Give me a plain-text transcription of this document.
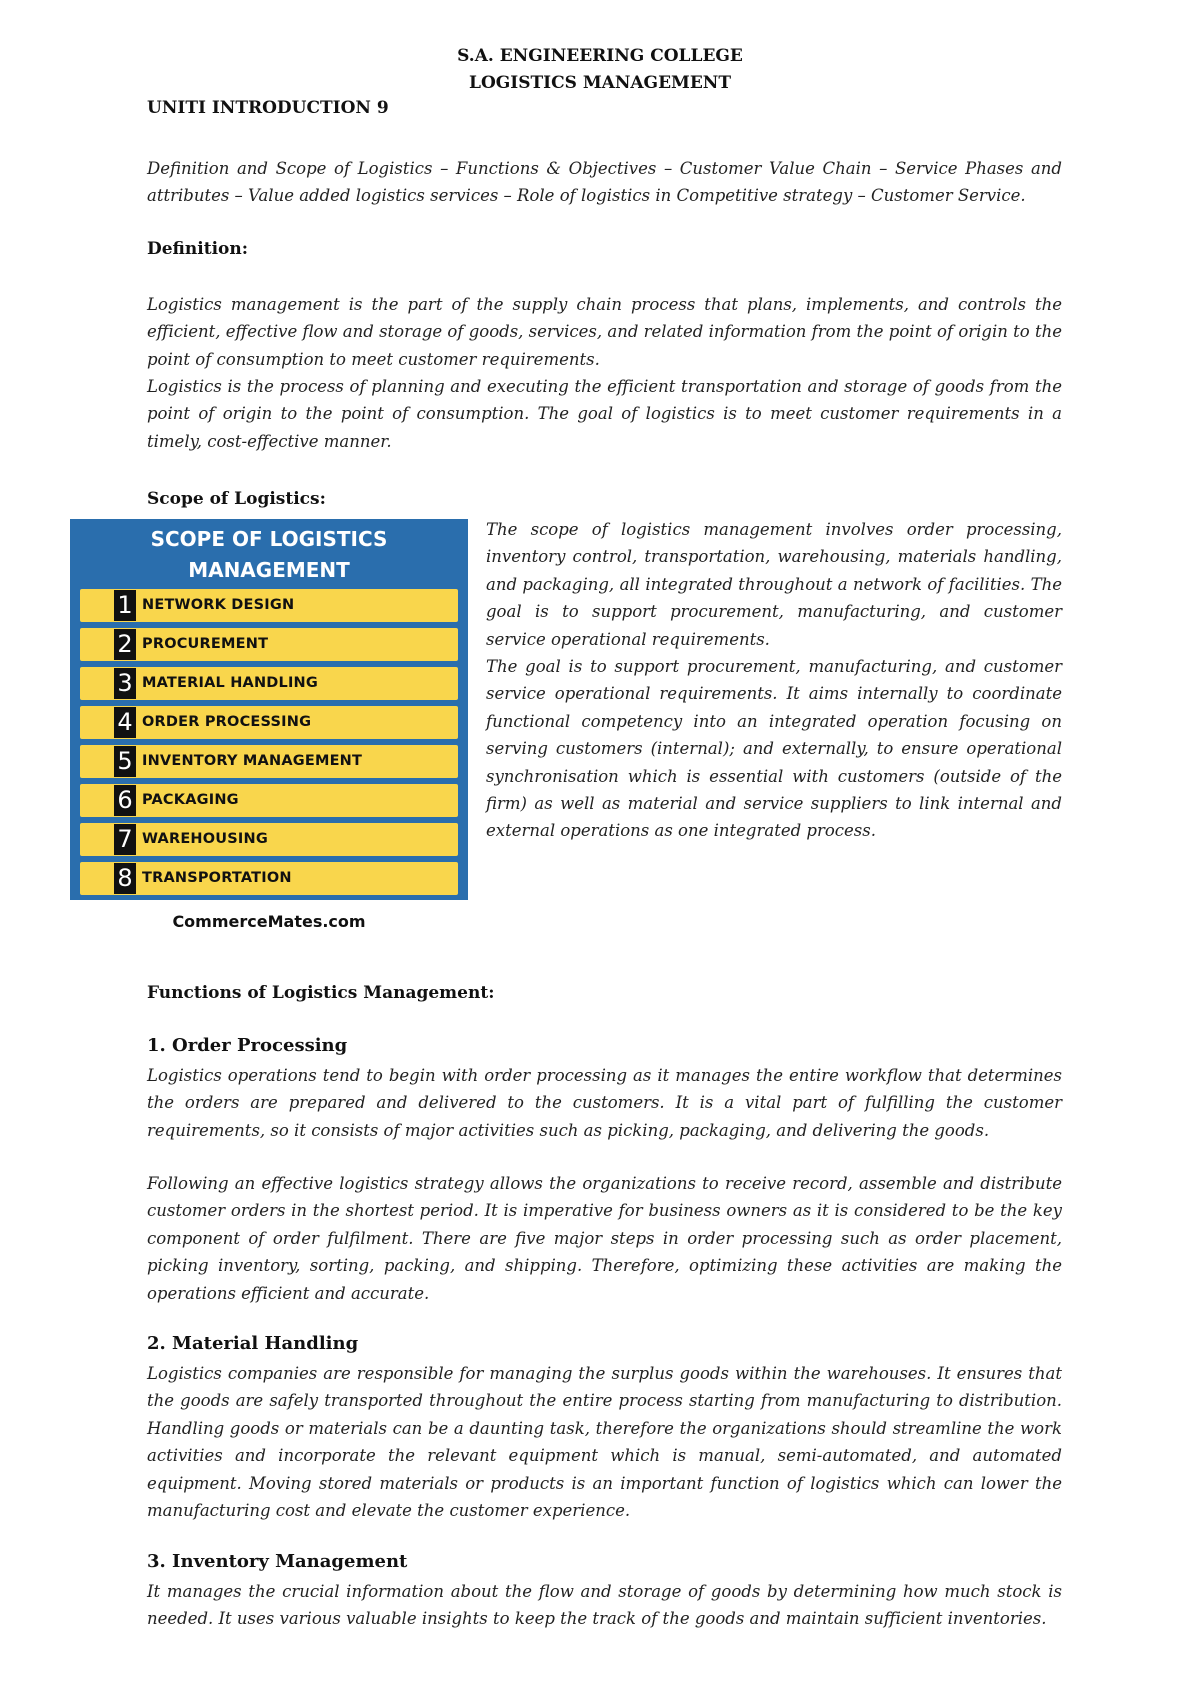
S.A. ENGINEERING COLLEGE
LOGISTICS MANAGEMENT
UNITI INTRODUCTION 9
Definition and Scope of Logistics – Functions & Objectives – Customer Value Chain – Service Phases and attributes – Value added logistics services – Role of logistics in Competitive strategy – Customer Service.
Definition:
Logistics management is the part of the supply chain process that plans, implements, and controls the efficient, effective flow and storage of goods, services, and related information from the point of origin to the point of consumption to meet customer requirements.
Logistics is the process of planning and executing the efficient transportation and storage of goods from the point of origin to the point of consumption. The goal of logistics is to meet customer requirements in a timely, cost-effective manner.
Scope of Logistics:
SCOPE OF LOGISTICS
MANAGEMENT
1 NETWORK DESIGN
2 PROCUREMENT
3 MATERIAL HANDLING
4 ORDER PROCESSING
5 INVENTORY MANAGEMENT
6 PACKAGING
7 WAREHOUSING
8 TRANSPORTATION
CommerceMates.com
The scope of logistics management involves order processing, inventory control, transportation, warehousing, materials handling, and packaging, all integrated throughout a network of facilities. The goal is to support procurement, manufacturing, and customer service operational requirements.
The goal is to support procurement, manufacturing, and customer service operational requirements. It aims internally to coordinate functional competency into an integrated operation focusing on serving customers (internal); and externally, to ensure operational synchronisation which is essential with customers (outside of the firm) as well as material and service suppliers to link internal and external operations as one integrated process.
Functions of Logistics Management:
1. Order Processing
Logistics operations tend to begin with order processing as it manages the entire workflow that determines the orders are prepared and delivered to the customers. It is a vital part of fulfilling the customer requirements, so it consists of major activities such as picking, packaging, and delivering the goods.
Following an effective logistics strategy allows the organizations to receive record, assemble and distribute customer orders in the shortest period. It is imperative for business owners as it is considered to be the key component of order fulfilment. There are five major steps in order processing such as order placement, picking inventory, sorting, packing, and shipping. Therefore, optimizing these activities are making the operations efficient and accurate.
2. Material Handling
Logistics companies are responsible for managing the surplus goods within the warehouses. It ensures that the goods are safely transported throughout the entire process starting from manufacturing to distribution. Handling goods or materials can be a daunting task, therefore the organizations should streamline the work activities and incorporate the relevant equipment which is manual, semi-automated, and automated equipment. Moving stored materials or products is an important function of logistics which can lower the manufacturing cost and elevate the customer experience.
3. Inventory Management
It manages the crucial information about the flow and storage of goods by determining how much stock is needed. It uses various valuable insights to keep the track of the goods and maintain sufficient inventories.
